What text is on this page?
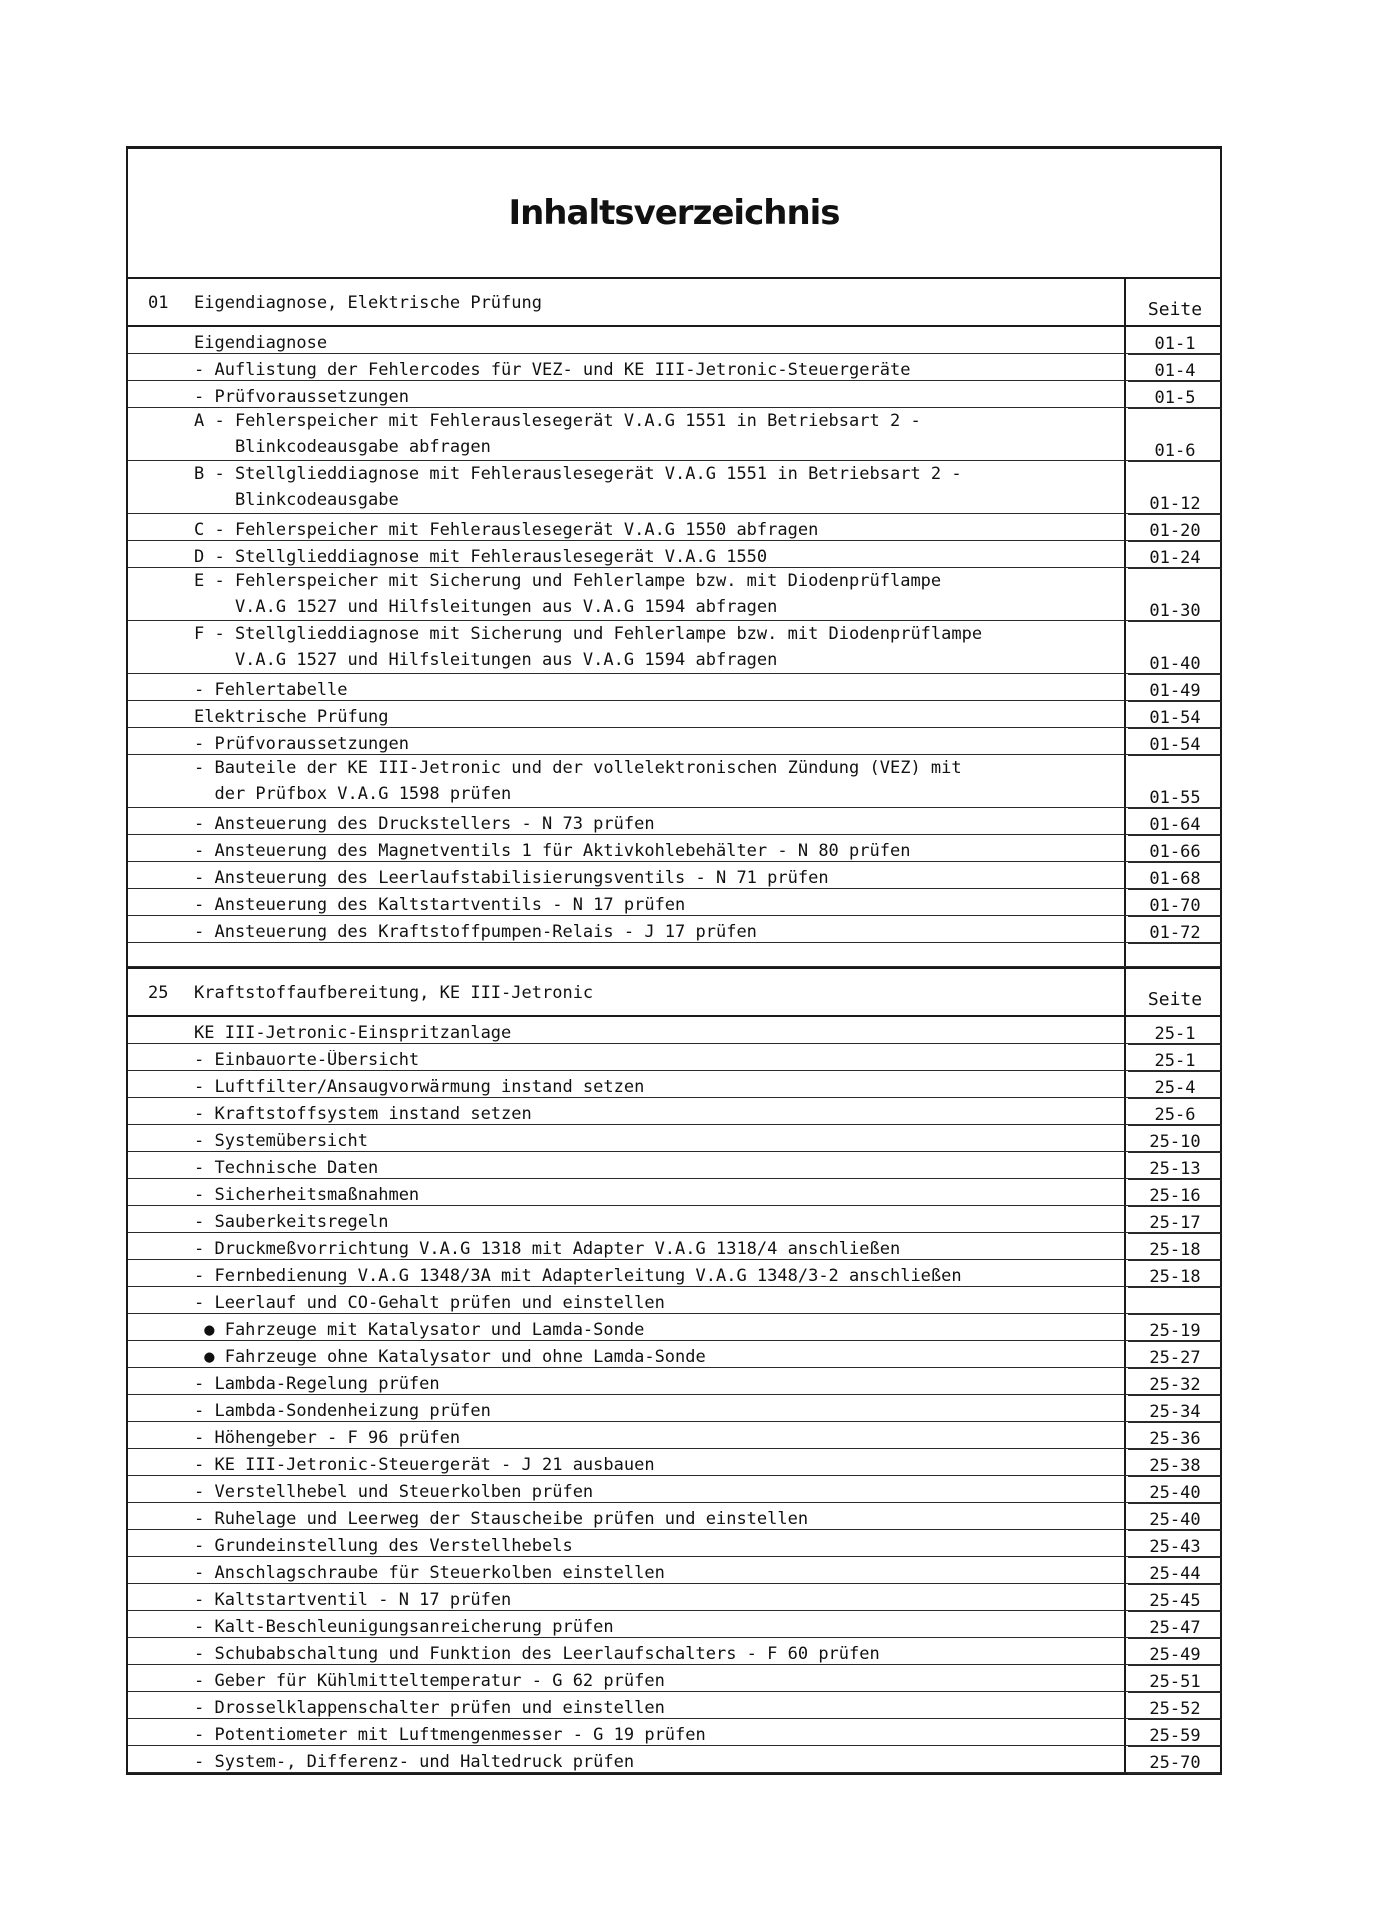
Inhaltsverzeichnis
01 Eigendiagnose, Elektrische Prüfung	Seite
Eigendiagnose	01-1
- Auflistung der Fehlercodes für VEZ- und KE III-Jetronic-Steuergeräte	01-4
- Prüfvoraussetzungen	01-5
A - Fehlerspeicher mit Fehlerauslesegerät V.A.G 1551 in Betriebsart 2 -
Blinkcodeausgabe abfragen	01-6
B - Stellglieddiagnose mit Fehlerauslesegerät V.A.G 1551 in Betriebsart 2 -
Blinkcodeausgabe	01-12
C - Fehlerspeicher mit Fehlerauslesegerät V.A.G 1550 abfragen	01-20
D - Stellglieddiagnose mit Fehlerauslesegerät V.A.G 1550	01-24
E - Fehlerspeicher mit Sicherung und Fehlerlampe bzw. mit Diodenprüflampe
V.A.G 1527 und Hilfsleitungen aus V.A.G 1594 abfragen	01-30
F - Stellglieddiagnose mit Sicherung und Fehlerlampe bzw. mit Diodenprüflampe
V.A.G 1527 und Hilfsleitungen aus V.A.G 1594 abfragen	01-40
- Fehlertabelle	01-49
Elektrische Prüfung	01-54
- Prüfvoraussetzungen	01-54
- Bauteile der KE III-Jetronic und der vollelektronischen Zündung (VEZ) mit
der Prüfbox V.A.G 1598 prüfen	01-55
- Ansteuerung des Druckstellers - N 73 prüfen	01-64
- Ansteuerung des Magnetventils 1 für Aktivkohlebehälter - N 80 prüfen	01-66
- Ansteuerung des Leerlaufstabilisierungsventils - N 71 prüfen	01-68
- Ansteuerung des Kaltstartventils - N 17 prüfen	01-70
- Ansteuerung des Kraftstoffpumpen-Relais - J 17 prüfen	01-72
25 Kraftstoffaufbereitung, KE III-Jetronic	Seite
KE III-Jetronic-Einspritzanlage	25-1
- Einbauorte-Übersicht	25-1
- Luftfilter/Ansaugvorwärmung instand setzen	25-4
- Kraftstoffsystem instand setzen	25-6
- Systemübersicht	25-10
- Technische Daten	25-13
- Sicherheitsmaßnahmen	25-16
- Sauberkeitsregeln	25-17
- Druckmeßvorrichtung V.A.G 1318 mit Adapter V.A.G 1318/4 anschließen	25-18
- Fernbedienung V.A.G 1348/3A mit Adapterleitung V.A.G 1348/3-2 anschließen	25-18
- Leerlauf und CO-Gehalt prüfen und einstellen
● Fahrzeuge mit Katalysator und Lamda-Sonde	25-19
● Fahrzeuge ohne Katalysator und ohne Lamda-Sonde	25-27
- Lambda-Regelung prüfen	25-32
- Lambda-Sondenheizung prüfen	25-34
- Höhengeber - F 96 prüfen	25-36
- KE III-Jetronic-Steuergerät - J 21 ausbauen	25-38
- Verstellhebel und Steuerkolben prüfen	25-40
- Ruhelage und Leerweg der Stauscheibe prüfen und einstellen	25-40
- Grundeinstellung des Verstellhebels	25-43
- Anschlagschraube für Steuerkolben einstellen	25-44
- Kaltstartventil - N 17 prüfen	25-45
- Kalt-Beschleunigungsanreicherung prüfen	25-47
- Schubabschaltung und Funktion des Leerlaufschalters - F 60 prüfen	25-49
- Geber für Kühlmitteltemperatur - G 62 prüfen	25-51
- Drosselklappenschalter prüfen und einstellen	25-52
- Potentiometer mit Luftmengenmesser - G 19 prüfen	25-59
- System-, Differenz- und Haltedruck prüfen	25-70
